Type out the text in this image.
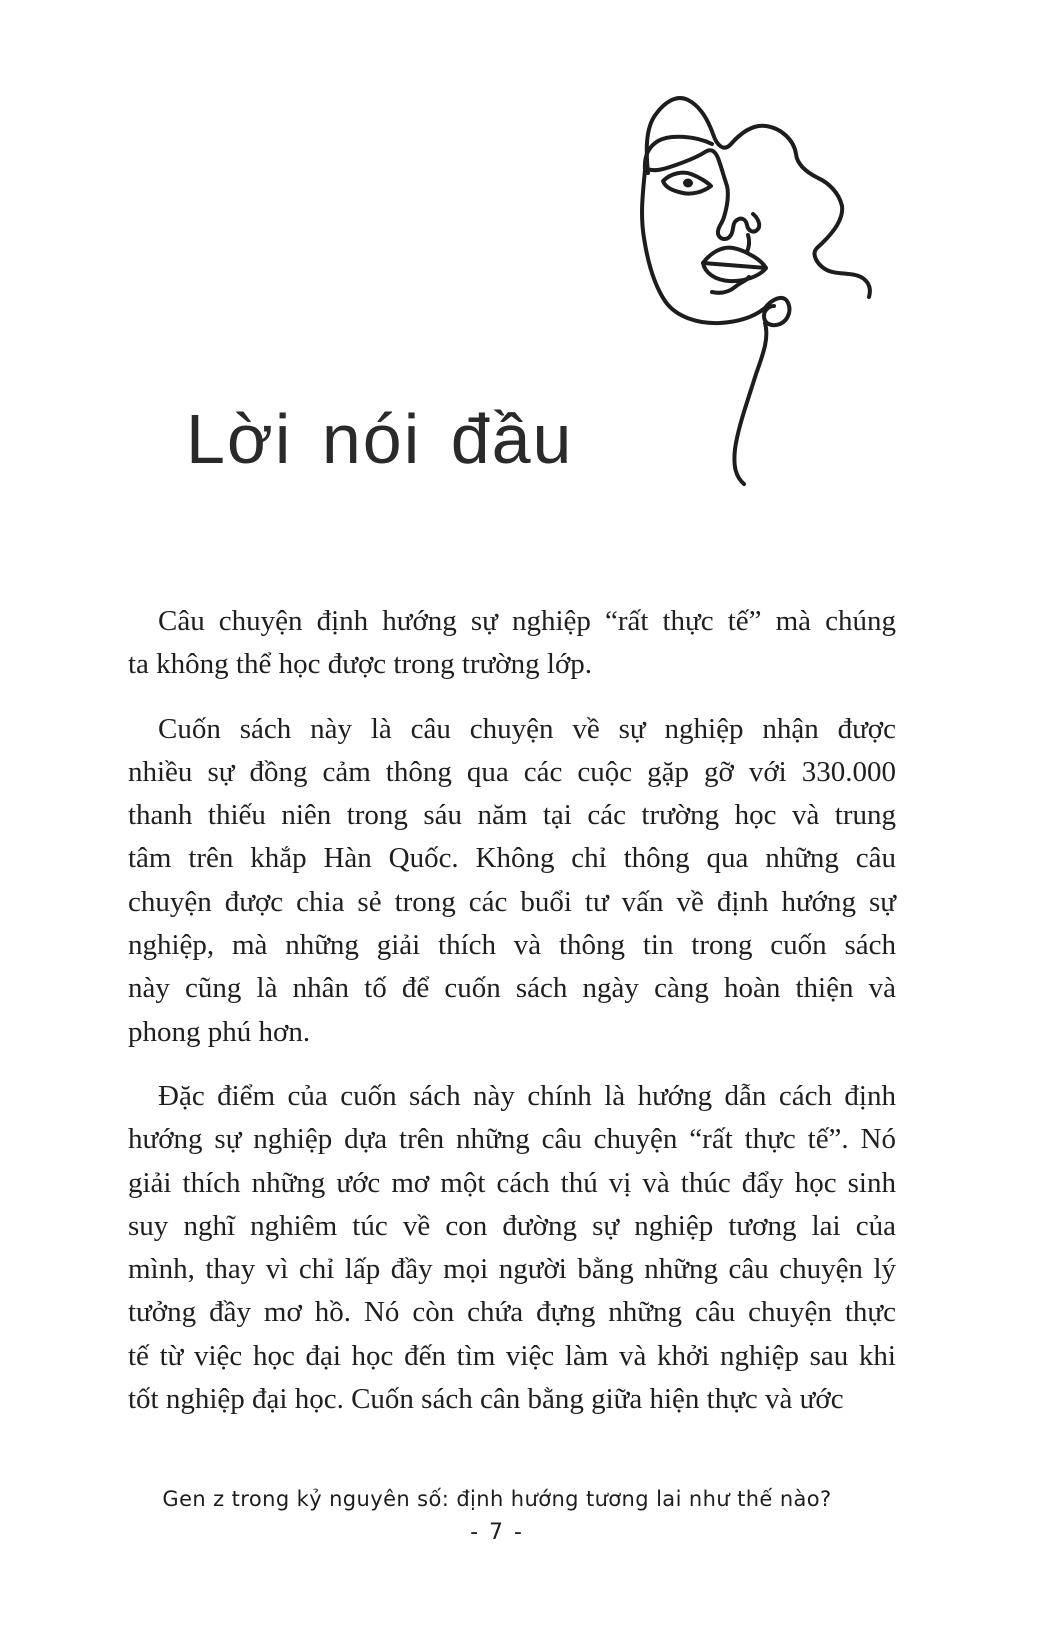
Lời nói đầu
Câu chuyện định hướng sự nghiệp “rất thực tế” mà chúng
ta không thể học được trong trường lớp.
Cuốn sách này là câu chuyện về sự nghiệp nhận được
nhiều sự đồng cảm thông qua các cuộc gặp gỡ với 330.000
thanh thiếu niên trong sáu năm tại các trường học và trung
tâm trên khắp Hàn Quốc. Không chỉ thông qua những câu
chuyện được chia sẻ trong các buổi tư vấn về định hướng sự
nghiệp, mà những giải thích và thông tin trong cuốn sách
này cũng là nhân tố để cuốn sách ngày càng hoàn thiện và
phong phú hơn.
Đặc điểm của cuốn sách này chính là hướng dẫn cách định
hướng sự nghiệp dựa trên những câu chuyện “rất thực tế”. Nó
giải thích những ước mơ một cách thú vị và thúc đẩy học sinh
suy nghĩ nghiêm túc về con đường sự nghiệp tương lai của
mình, thay vì chỉ lấp đầy mọi người bằng những câu chuyện lý
tưởng đầy mơ hồ. Nó còn chứa đựng những câu chuyện thực
tế từ việc học đại học đến tìm việc làm và khởi nghiệp sau khi
tốt nghiệp đại học. Cuốn sách cân bằng giữa hiện thực và ước
Gen z trong kỷ nguyên số: định hướng tương lai như thế nào?
- 7 -
